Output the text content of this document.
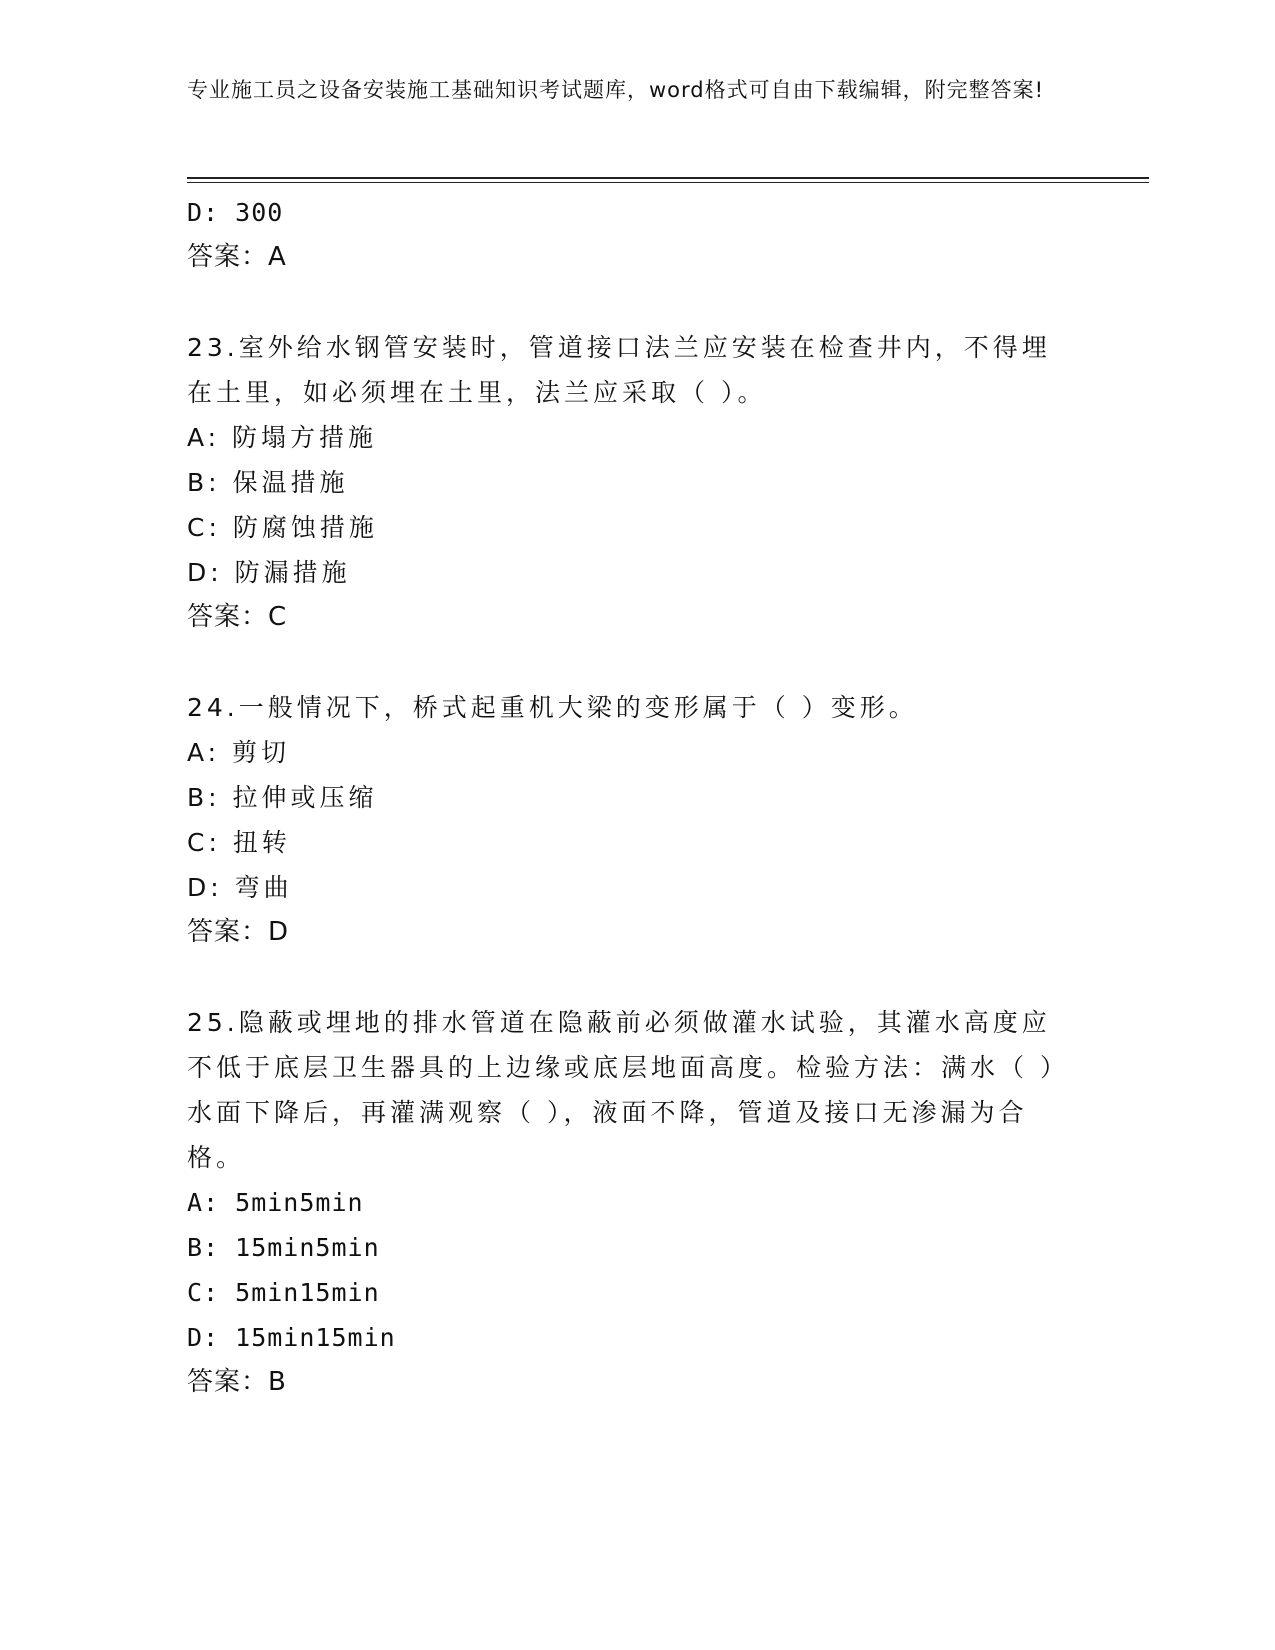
专业施工员之设备安装施工基础知识考试题库，word格式可自由下载编辑，附完整答案!
D: 300
答案：A
23.室外给水钢管安装时，管道接口法兰应安装在检查井内，不得埋在土里，如必须埋在土里，法兰应采取（ ）。
A: 防塌方措施
B: 保温措施
C: 防腐蚀措施
D: 防漏措施
答案：C
24.一般情况下，桥式起重机大梁的变形属于（ ）变形。
A: 剪切
B: 拉伸或压缩
C: 扭转
D: 弯曲
答案：D
25.隐蔽或埋地的排水管道在隐蔽前必须做灌水试验，其灌水高度应不低于底层卫生器具的上边缘或底层地面高度。检验方法：满水（ ）水面下降后，再灌满观察（ ），液面不降，管道及接口无渗漏为合格。
A: 5min5min
B: 15min5min
C: 5min15min
D: 15min15min
答案：B
